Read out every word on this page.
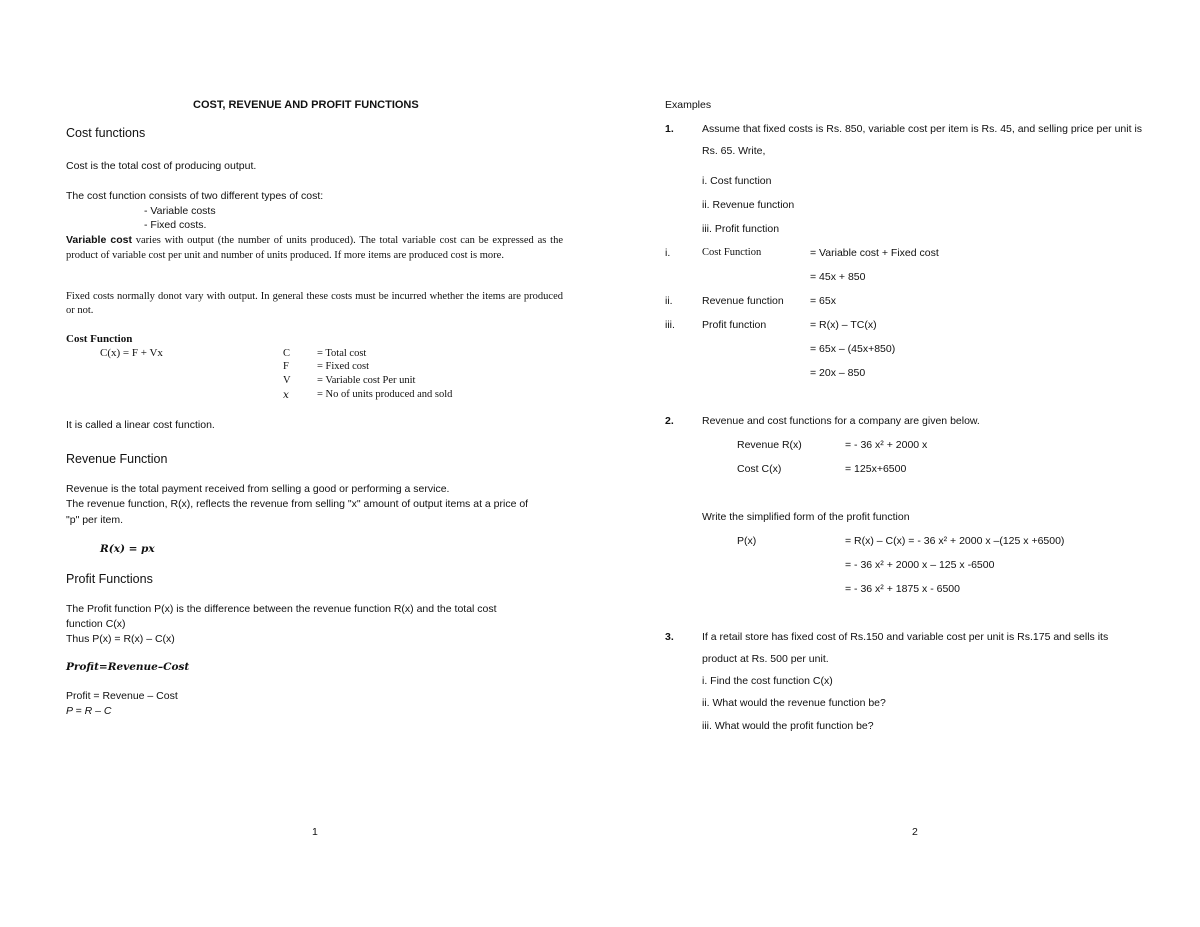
COST, REVENUE AND PROFIT FUNCTIONS
Cost functions
Cost is the total cost of producing output.
The cost function consists of two different types of cost:
- Variable costs
- Fixed costs.
Variable cost varies with output (the number of units produced). The total variable cost can be expressed as the product of variable cost per unit and number of units produced. If more items are produced cost is more.
Fixed costs normally donot vary with output. In general these costs must be incurred whether the items are produced or not.
Cost Function
C(x) = F + Vx	C	= Total cost
F	= Fixed cost
V	= Variable cost Per unit
x	= No of units produced and sold
It is called a linear cost function.
Revenue Function
Revenue is the total payment received from selling a good or performing a service.
The revenue function, R(x), reflects the revenue from selling "x" amount of output items at a price of
"p" per item.
R(x) = px
Profit Functions
The Profit function P(x) is the difference between the revenue function R(x) and the total cost
function C(x)
Thus P(x) = R(x) – C(x)
Profit=Revenue–Cost
Profit = Revenue – Cost
P = R – C
1
Examples
1.	Assume that fixed costs is Rs. 850, variable cost per item is Rs. 45, and selling price per unit is
Rs. 65. Write,
i. Cost function
ii. Revenue function
iii. Profit function
i.	Cost Function	= Variable cost + Fixed cost
= 45x + 850
ii.	Revenue function	= 65x
iii.	Profit function	= R(x) – TC(x)
= 65x – (45x+850)
= 20x – 850
2.	Revenue and cost functions for a company are given below.
Revenue R(x)	= - 36 x² + 2000 x
Cost C(x)	= 125x+6500
Write the simplified form of the profit function
P(x)	= R(x) – C(x) = - 36 x² + 2000 x –(125 x +6500)
= - 36 x² + 2000 x – 125 x -6500
= - 36 x² + 1875 x - 6500
3.	If a retail store has fixed cost of Rs.150 and variable cost per unit is Rs.175 and sells its
product at Rs. 500 per unit.
i. Find the cost function C(x)
ii. What would the revenue function be?
iii. What would the profit function be?
2
